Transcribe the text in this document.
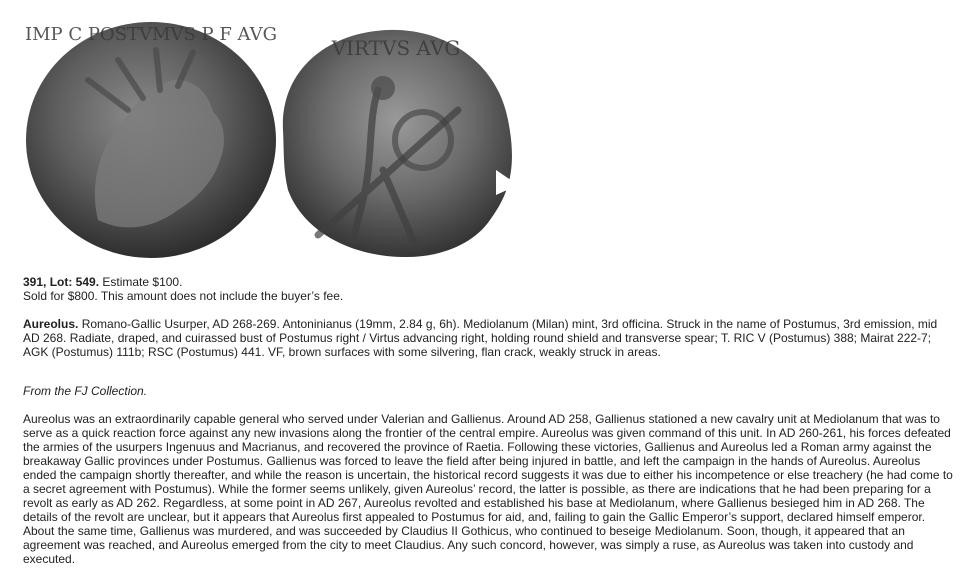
IMP C POSTVMVS P F AVG
VIRTVS AVG
391, Lot: 549. Estimate $100.
Sold for $800. This amount does not include the buyer’s fee.
Aureolus. Romano-Gallic Usurper, AD 268-269. Antoninianus (19mm, 2.84 g, 6h). Mediolanum (Milan) mint, 3rd officina. Struck in the name of Postumus, 3rd emission, mid AD 268. Radiate, draped, and cuirassed bust of Postumus right / Virtus advancing right, holding round shield and transverse spear; T. RIC V (Postumus) 388; Mairat 222-7; AGK (Postumus) 111b; RSC (Postumus) 441. VF, brown surfaces with some silvering, flan crack, weakly struck in areas.
From the FJ Collection.
Aureolus was an extraordinarily capable general who served under Valerian and Gallienus. Around AD 258, Gallienus stationed a new cavalry unit at Mediolanum that was to serve as a quick reaction force against any new invasions along the frontier of the central empire. Aureolus was given command of this unit. In AD 260-261, his forces defeated the armies of the usurpers Ingenuus and Macrianus, and recovered the province of Raetia. Following these victories, Gallienus and Aureolus led a Roman army against the breakaway Gallic provinces under Postumus. Gallienus was forced to leave the field after being injured in battle, and left the campaign in the hands of Aureolus. Aureolus ended the campaign shortly thereafter, and while the reason is uncertain, the historical record suggests it was due to either his incompetence or else treachery (he had come to a secret agreement with Postumus). While the former seems unlikely, given Aureolus’ record, the latter is possible, as there are indications that he had been preparing for a revolt as early as AD 262. Regardless, at some point in AD 267, Aureolus revolted and established his base at Mediolanum, where Gallienus besieged him in AD 268. The details of the revolt are unclear, but it appears that Aureolus first appealed to Postumus for aid, and, failing to gain the Gallic Emperor’s support, declared himself emperor. About the same time, Gallienus was murdered, and was succeeded by Claudius II Gothicus, who continued to beseige Mediolanum. Soon, though, it appeared that an agreement was reached, and Aureolus emerged from the city to meet Claudius. Any such concord, however, was simply a ruse, as Aureolus was taken into custody and executed.
